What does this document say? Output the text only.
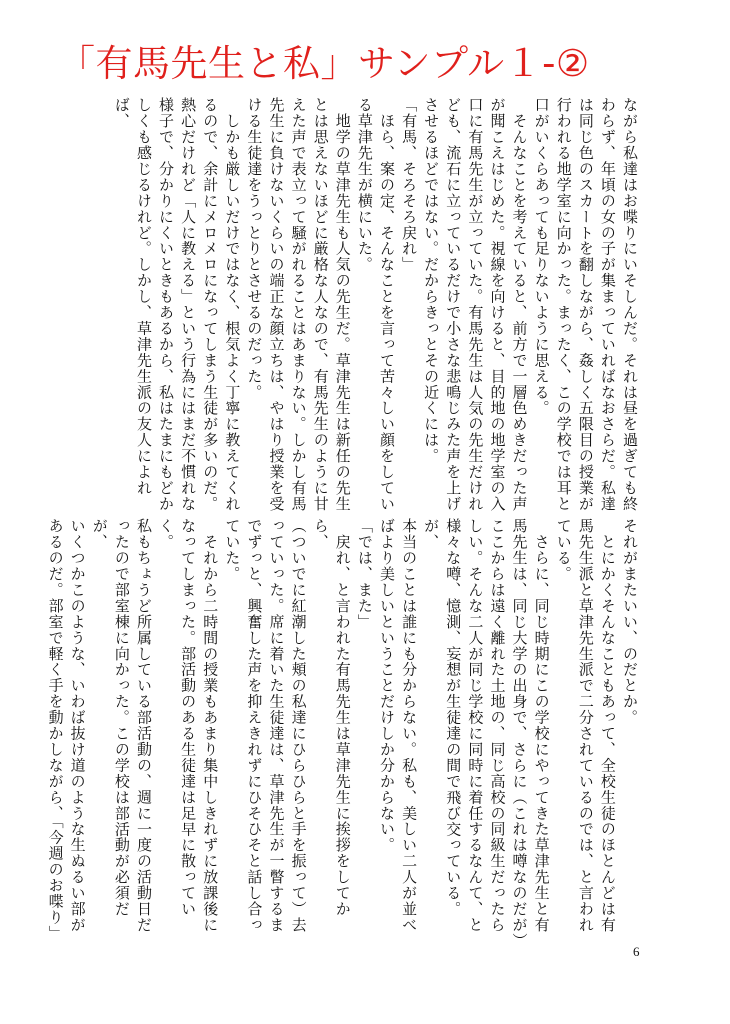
「有馬先生と私」サンプル１-②
ながら私達はお喋りにいそしんだ。それは昼を過ぎても終
わらず、年頃の女の子が集まっていればなおさらだ。私達
は同じ色のスカートを翻しながら、姦しく五限目の授業が
行われる地学室に向かった。まったく、この学校では耳と
口がいくらあっても足りないように思える。
　そんなことを考えていると、前方で一層色めきだった声
が聞こえはじめた。視線を向けると、目的地の地学室の入
口に有馬先生が立っていた。有馬先生は人気の先生だけれ
ども、流石に立っているだけで小さな悲鳴じみた声を上げ
させるほどではない。だからきっとその近くには。
「有馬、そろそろ戻れ」
　ほら、案の定、そんなことを言って苦々しい顔をしてい
る草津先生が横にいた。
　地学の草津先生も人気の先生だ。草津先生は新任の先生
とは思えないほどに厳格な人なので、有馬先生のように甘
えた声で表立って騒がれることはあまりない。しかし有馬
先生に負けないくらいの端正な顔立ちは、やはり授業を受
ける生徒達をうっとりとさせるのだった。
　しかも厳しいだけではなく、根気よく丁寧に教えてくれ
るので、余計にメロメロになってしまう生徒が多いのだ。
熱心だけれど「人に教える」という行為にはまだ不慣れな
様子で、分かりにくいときもあるから、私はたまにもどか
しくも感じるけれど。しかし、草津先生派の友人によれば、
それがまたいい、のだとか。
　とにかくそんなこともあって、全校生徒のほとんどは有
馬先生派と草津先生派で二分されているのでは、と言われ
ている。
　さらに、同じ時期にこの学校にやってきた草津先生と有
馬先生は、同じ大学の出身で、さらに（これは噂なのだが）
ここからは遠く離れた土地の、同じ高校の同級生だったら
しい。そんな二人が同じ学校に同時に着任するなんて、と
様々な噂、憶測、妄想が生徒達の間で飛び交っている。が、
本当のことは誰にも分からない。私も、美しい二人が並べ
ばより美しいということだけしか分からない。
「では、また」
　戻れ、と言われた有馬先生は草津先生に挨拶をしてから、
（ついでに紅潮した頬の私達にひらひらと手を振って）去
っていった。席に着いた生徒達は、草津先生が一瞥するま
でずっと、興奮した声を抑えきれずにひそひそと話し合っ
ていた。
　それから二時間の授業もあまり集中しきれずに放課後に
なってしまった。部活動のある生徒達は足早に散っていく。
私もちょうど所属している部活動の、週に一度の活動日だ
ったので部室棟に向かった。この学校は部活動が必須だが、
いくつかこのような、いわば抜け道のような生ぬるい部が
あるのだ。部室で軽く手を動かしながら、「今週のお喋り」
6
